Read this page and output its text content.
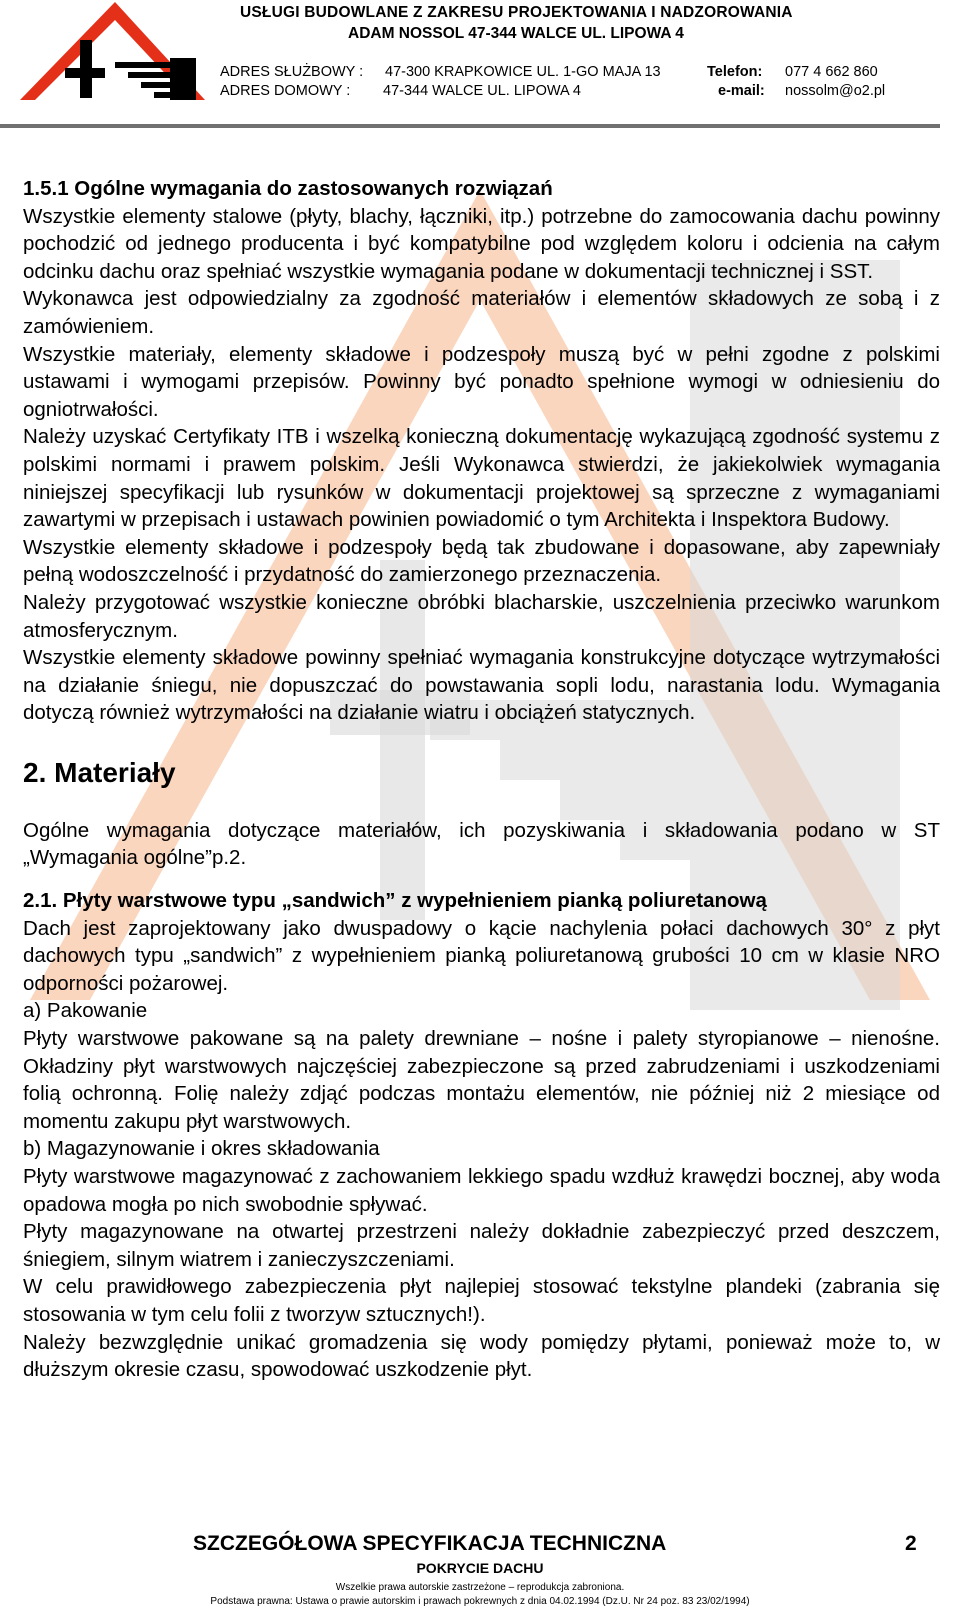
USŁUGI BUDOWLANE Z ZAKRESU PROJEKTOWANIA I NADZOROWANIA
ADAM NOSSOL 47-344 WALCE UL. LIPOWA 4
ADRES SŁUŻBOWY : 47-300 KRAPKOWICE UL. 1-GO MAJA 13	Telefon: 077 4 662 860
ADRES DOMOWY : 47-344 WALCE UL. LIPOWA 4	e-mail: nossolm@o2.pl

1.5.1 Ogólne wymagania do zastosowanych rozwiązań

Wszystkie elementy stalowe (płyty, blachy, łączniki, itp.) potrzebne do zamocowania dachu powinny pochodzić od jednego producenta i być kompatybilne pod względem koloru i odcienia na całym odcinku dachu oraz spełniać wszystkie wymagania podane w dokumentacji technicznej i SST.

Wykonawca jest odpowiedzialny za zgodność materiałów i elementów składowych ze sobą i z zamówieniem.

Wszystkie materiały, elementy składowe i podzespoły muszą być w pełni zgodne z polskimi ustawami i wymogami przepisów. Powinny być ponadto spełnione wymogi w odniesieniu do ogniotrwałości.

Należy uzyskać Certyfikaty ITB i wszelką konieczną dokumentację wykazującą zgodność systemu z polskimi normami i prawem polskim. Jeśli Wykonawca stwierdzi, że jakiekolwiek wymagania niniejszej specyfikacji lub rysunków w dokumentacji projektowej są sprzeczne z wymaganiami zawartymi w przepisach i ustawach powinien powiadomić o tym Architekta i Inspektora Budowy.

Wszystkie elementy składowe i podzespoły będą tak zbudowane i dopasowane, aby zapewniały pełną wodoszczelność i przydatność do zamierzonego przeznaczenia.

Należy przygotować wszystkie konieczne obróbki blacharskie, uszczelnienia przeciwko warunkom atmosferycznym.

Wszystkie elementy składowe powinny spełniać wymagania konstrukcyjne dotyczące wytrzymałości na działanie śniegu, nie dopuszczać do powstawania sopli lodu, narastania lodu. Wymagania dotyczą również wytrzymałości na działanie wiatru i obciążeń statycznych.

2. Materiały

Ogólne wymagania dotyczące materiałów, ich pozyskiwania i składowania podano w ST „Wymagania ogólne”p.2.

2.1. Płyty warstwowe typu „sandwich” z wypełnieniem pianką poliuretanową

Dach jest zaprojektowany jako dwuspadowy o kącie nachylenia połaci dachowych 30° z płyt dachowych typu „sandwich” z wypełnieniem pianką poliuretanową grubości 10 cm w klasie NRO odporności pożarowej.

a) Pakowanie

Płyty warstwowe pakowane są na palety drewniane – nośne i palety styropianowe – nienośne. Okładziny płyt warstwowych najczęściej zabezpieczone są przed zabrudzeniami i uszkodzeniami folią ochronną. Folię należy zdjąć podczas montażu elementów, nie później niż 2 miesiące od momentu zakupu płyt warstwowych.

b) Magazynowanie i okres składowania

Płyty warstwowe magazynować z zachowaniem lekkiego spadu wzdłuż krawędzi bocznej, aby woda opadowa mogła po nich swobodnie spływać.

Płyty magazynowane na otwartej przestrzeni należy dokładnie zabezpieczyć przed deszczem, śniegiem, silnym wiatrem i zanieczyszczeniami.

W celu prawidłowego zabezpieczenia płyt najlepiej stosować tekstylne plandeki (zabrania się stosowania w tym celu folii z tworzyw sztucznych!).

Należy bezwzględnie unikać gromadzenia się wody pomiędzy płytami, ponieważ może to, w dłuższym okresie czasu, spowodować uszkodzenie płyt.

SZCZEGÓŁOWA SPECYFIKACJA TECHNICZNA	2
POKRYCIE DACHU
Wszelkie prawa autorskie zastrzeżone – reprodukcja zabroniona.
Podstawa prawna: Ustawa o prawie autorskim i prawach pokrewnych z dnia 04.02.1994 (Dz.U. Nr 24 poz. 83 23/02/1994)
